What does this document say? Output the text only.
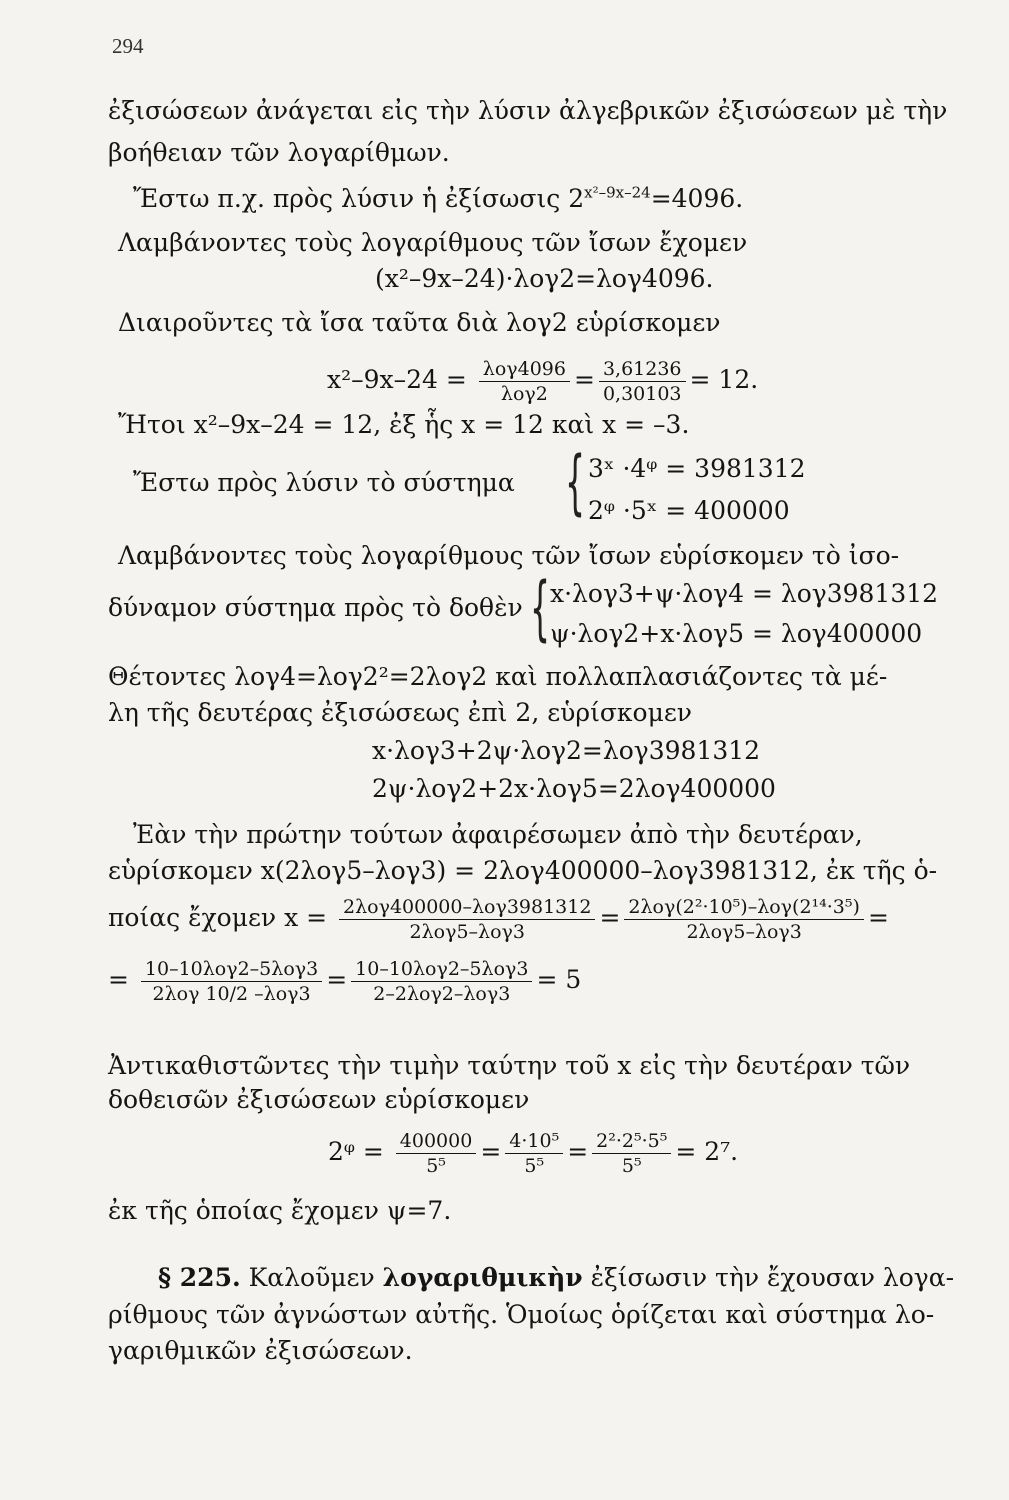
294
ἐξισώσεων ἀνάγεται εἰς τὴν λύσιν ἀλγεβρικῶν ἐξισώσεων μὲ τὴν
βοήθειαν τῶν λογαρίθμων.
Ἔστω π.χ. πρὸς λύσιν ἡ ἐξίσωσις $2^{x^2-9x-24}=4096$.
Λαμβάνοντες τοὺς λογαρίθμους τῶν ἴσων ἔχομεν
(x²–9x–24)·λογ2=λογ4096.
Διαιροῦντες τὰ ἴσα ταῦτα διὰ λογ2 εὑρίσκομεν
$x^2-9x-24 = \frac{\text{λογ4096}}{\text{λογ2}} = \frac{3,61236}{0,30103} = 12$.
Ἤτοι x²–9x–24 = 12, ἐξ ἧς x = 12 καὶ x = –3.
Ἔστω πρὸς λύσιν τὸ σύστημα { 3ˣ ·4ᵠ = 3981312
2ᵠ ·5ˣ = 400000
Λαμβάνοντες τοὺς λογαρίθμους τῶν ἴσων εὑρίσκομεν τὸ ἰσο-
δύναμον σύστημα πρὸς τὸ δοθὲν { x·λογ3+ψ·λογ4 = λογ3981312
ψ·λογ2+x·λογ5 = λογ400000
Θέτοντες λογ4=λογ2²=2λογ2 καὶ πολλαπλασιάζοντες τὰ μέ-
λη τῆς δευτέρας ἐξισώσεως ἐπὶ 2, εὑρίσκομεν
x·λογ3+2ψ·λογ2=λογ3981312
2ψ·λογ2+2x·λογ5=2λογ400000
Ἐὰν τὴν πρώτην τούτων ἀφαιρέσωμεν ἀπὸ τὴν δευτέραν,
εὑρίσκομεν x(2λογ5–λογ3) = 2λογ400000–λογ3981312, ἐκ τῆς ὁ-
ποίας ἔχομεν $x = \frac{\text{2λογ400000–λογ3981312}}{\text{2λογ5–λογ3}} = \frac{\text{2λογ(2²·10⁵)–λογ(2¹⁴·3⁵)}}{\text{2λογ5–λογ3}}$ =
= $\frac{\text{10–10λογ2–5λογ3}}{\text{2λογ 10/2 –λογ3}} = \frac{\text{10–10λογ2–5λογ3}}{\text{2–2λογ2–λογ3}} = 5$
Ἀντικαθιστῶντες τὴν τιμὴν ταύτην τοῦ x εἰς τὴν δευτέραν τῶν
δοθεισῶν ἐξισώσεων εὑρίσκομεν
2ᵠ = $\frac{400000}{\text{5⁵}} = \frac{\text{4·10⁵}}{\text{5⁵}} = \frac{\text{2²·2⁵·5⁵}}{\text{5⁵}} = 2^7$.
ἐκ τῆς ὁποίας ἔχομεν ψ=7.
§ 225. Καλοῦμεν λογαριθμικὴν ἐξίσωσιν τὴν ἔχουσαν λογα-
ρίθμους τῶν ἀγνώστων αὐτῆς. Ὁμοίως ὁρίζεται καὶ σύστημα λο-
γαριθμικῶν ἐξισώσεων.
